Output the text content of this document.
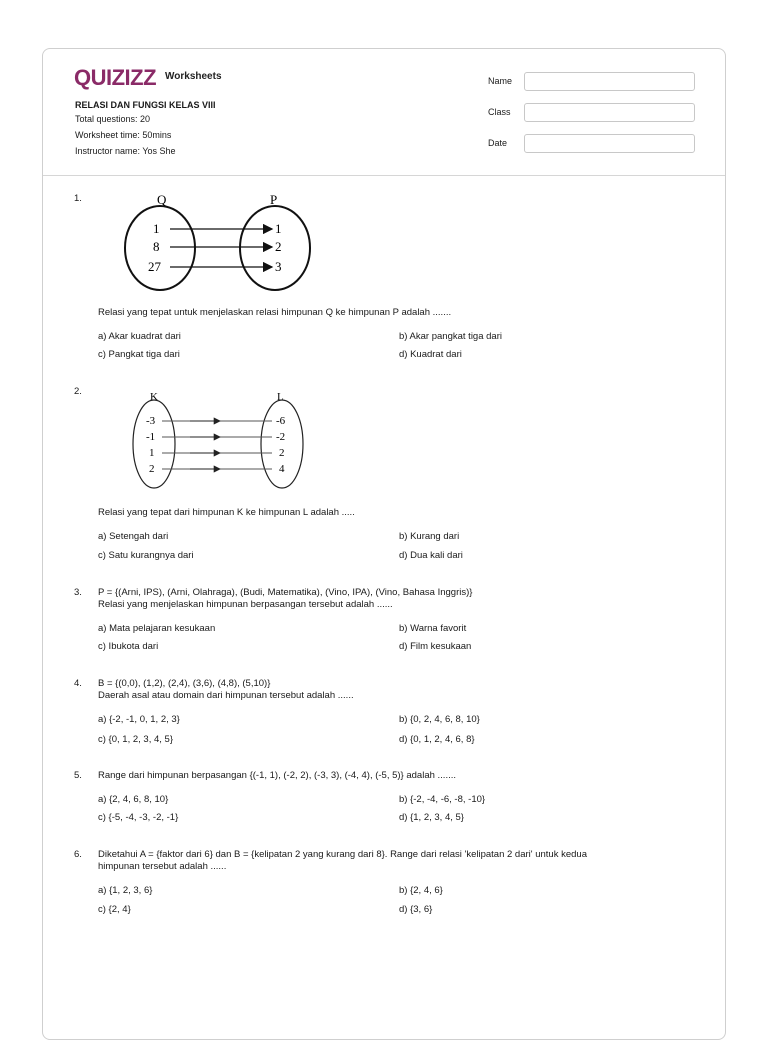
QUIZIZZ Worksheets
RELASI DAN FUNGSI KELAS VIII
Total questions: 20
Worksheet time: 50mins
Instructor name: Yos She
Name
Class
Date
1.	Q	P
1
8
27
1
2
3
Relasi yang tepat untuk menjelaskan relasi himpunan Q ke himpunan P adalah .......
a) Akar kuadrat dari	b) Akar pangkat tiga dari
c) Pangkat tiga dari	d) Kuadrat dari
2.	K	L
-3
-1
1
2
-6
-2
2
4
Relasi yang tepat dari himpunan K ke himpunan L adalah .....
a) Setengah dari	b) Kurang dari
c) Satu kurangnya dari	d) Dua kali dari
3. P = {(Arni, IPS), (Arni, Olahraga), (Budi, Matematika), (Vino, IPA), (Vino, Bahasa Inggris)}
Relasi yang menjelaskan himpunan berpasangan tersebut adalah ......
a) Mata pelajaran kesukaan	b) Warna favorit
c) Ibukota dari	d) Film kesukaan
4. B = {(0,0), (1,2), (2,4), (3,6), (4,8), (5,10)}
Daerah asal atau domain dari himpunan tersebut adalah ......
a) {-2, -1, 0, 1, 2, 3}	b) {0, 2, 4, 6, 8, 10}
c) {0, 1, 2, 3, 4, 5}	d) {0, 1, 2, 4, 6, 8}
5. Range dari himpunan berpasangan {(-1, 1), (-2, 2), (-3, 3), (-4, 4), (-5, 5)} adalah .......
a) {2, 4, 6, 8, 10}	b) {-2, -4, -6, -8, -10}
c) {-5, -4, -3, -2, -1}	d) {1, 2, 3, 4, 5}
6. Diketahui A = {faktor dari 6} dan B = {kelipatan 2 yang kurang dari 8}. Range dari relasi 'kelipatan 2 dari' untuk kedua
himpunan tersebut adalah ......
a) {1, 2, 3, 6}	b) {2, 4, 6}
c) {2, 4}	d) {3, 6}
